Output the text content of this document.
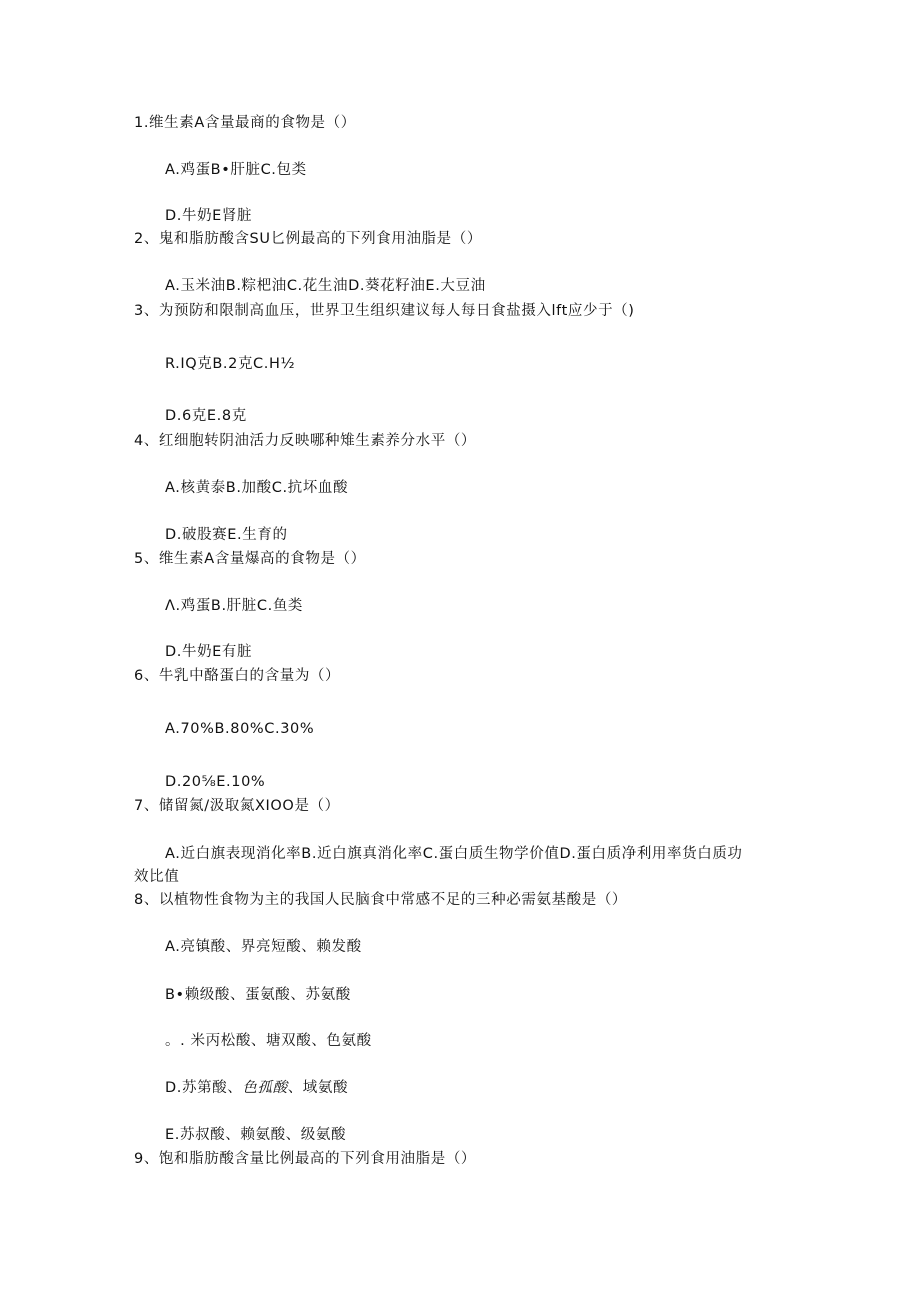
1.维生素A含量最商的食物是（）

A.鸡蛋B•肝脏C.包类

D.牛奶E肾脏

2、鬼和脂肪酸含SU匕例最高的下列食用油脂是（）

A.玉米油B.粽杷油C.花生油D.葵花籽油E.大豆油

3、为预防和限制高血压，世界卫生组织建议每人每日食盐摄入lft应少于（)

R.IQ克B.2克C.H½

D.6克E.8克

4、红细胞转阴油活力反映哪种雉生素养分水平（）

A.核黄泰B.加酸C.抗坏血酸

D.破股赛E.生育的

5、维生素A含量爆高的食物是（）

Λ.鸡蛋B.肝脏C.鱼类

D.牛奶E有脏

6、牛乳中酪蛋白的含量为（）

A.70%B.80%C.30%

D.20⅝E.10%

7、储留氮/汲取氮XIOO是（）

A.近白旗表现消化率B.近白旗真消化率C.蛋白质生物学价值D.蛋白质净利用率货白质功

效比值

8、以植物性食物为主的我国人民脑食中常感不足的三种必需氨基酸是（）

A.亮镇酸、界亮短酸、赖发酸

B•赖级酸、蛋氨酸、苏氨酸

。. 米丙松酸、塘双酸、色氨酸

D.苏第酸、色孤酸、域氨酸

E.苏叔酸、赖氨酸、级氨酸

9、饱和脂肪酸含量比例最高的下列食用油脂是（）
